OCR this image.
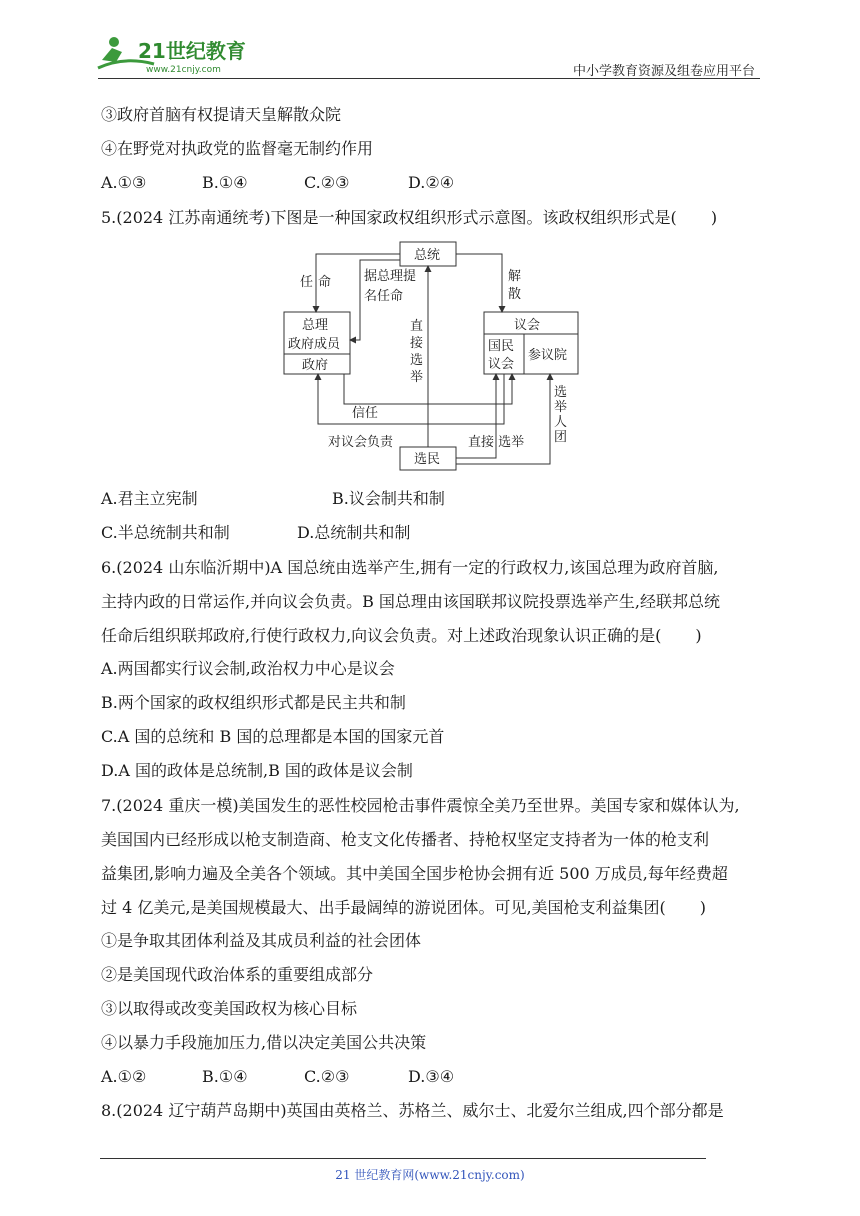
21世纪教育
www.21cnjy.com	中小学教育资源及组卷应用平台
③政府首脑有权提请天皇解散众院
④在野党对执政党的监督毫无制约作用
A.①③	B.①④	C.②③	D.②④
5.(2024 江苏南通统考)下图是一种国家政权组织形式示意图。该政权组织形式是( )
总统
总理
政府成员
政府
议会
国民
议会
参议院
选民
任 命	据总理提
名任命
解
散
直
接
选
举
信任
对议会负责	直接 选举
选
举
人
团
A.君主立宪制	B.议会制共和制
C.半总统制共和制	D.总统制共和制
6.(2024 山东临沂期中)A 国总统由选举产生,拥有一定的行政权力,该国总理为政府首脑,
主持内政的日常运作,并向议会负责。B 国总理由该国联邦议院投票选举产生,经联邦总统
任命后组织联邦政府,行使行政权力,向议会负责。对上述政治现象认识正确的是( )
A.两国都实行议会制,政治权力中心是议会
B.两个国家的政权组织形式都是民主共和制
C.A 国的总统和 B 国的总理都是本国的国家元首
D.A 国的政体是总统制,B 国的政体是议会制
7.(2024 重庆一模)美国发生的恶性校园枪击事件震惊全美乃至世界。美国专家和媒体认为,
美国国内已经形成以枪支制造商、枪支文化传播者、持枪权坚定支持者为一体的枪支利
益集团,影响力遍及全美各个领域。其中美国全国步枪协会拥有近 500 万成员,每年经费超
过 4 亿美元,是美国规模最大、出手最阔绰的游说团体。可见,美国枪支利益集团( )
①是争取其团体利益及其成员利益的社会团体
②是美国现代政治体系的重要组成部分
③以取得或改变美国政权为核心目标
④以暴力手段施加压力,借以决定美国公共决策
A.①②	B.①④	C.②③	D.③④
8.(2024 辽宁葫芦岛期中)英国由英格兰、苏格兰、威尔士、北爱尔兰组成,四个部分都是
21 世纪教育网(www.21cnjy.com)
